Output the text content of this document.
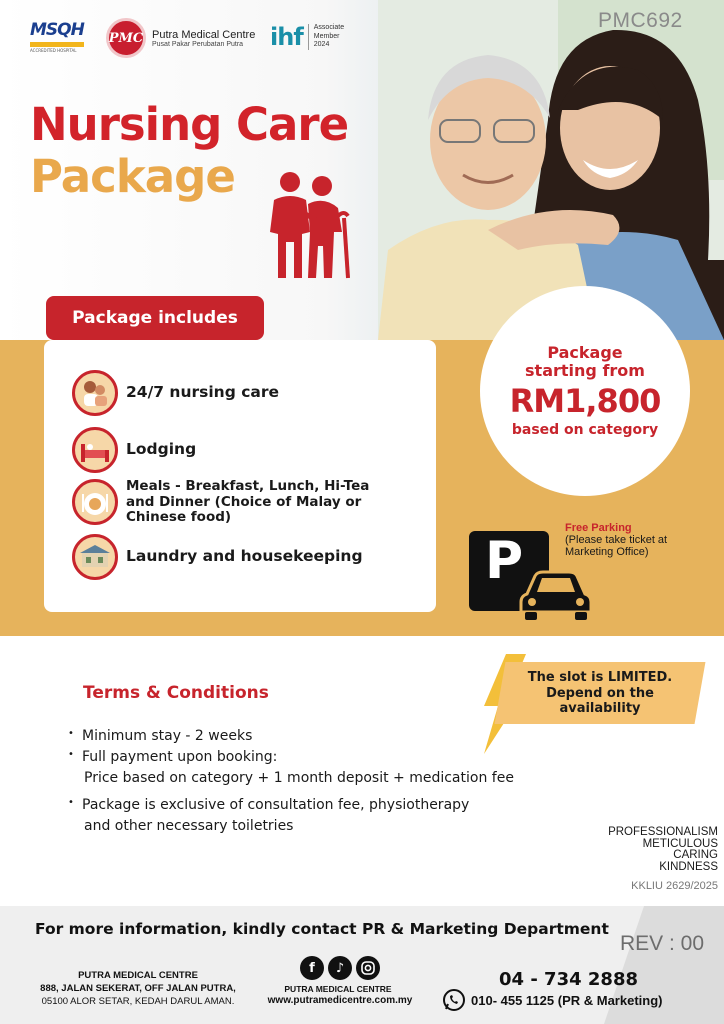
MSQH
ACCREDITED HOSPITAL
PMC Putra Medical Centre
Pusat Pakar Perubatan Putra	ihf Associate
Member
2024
PMC692
Nursing Care
Package
24/7 nursing care
Lodging
Meals - Breakfast, Lunch, Hi-Tea and Dinner (Choice of Malay or Chinese food)
Laundry and housekeeping
Package includes
Package
starting from
RM1,800
based on category
P
Free Parking
(Please take ticket at Marketing Office)
Terms & Conditions
• Minimum stay - 2 weeks
• Full payment upon booking:
Price based on category + 1 month deposit + medication fee
• Package is exclusive of consultation fee, physiotherapy
and other necessary toiletries
The slot is LIMITED.
Depend on the
availability
PROFESSIONALISM
METICULOUS
CARING
KINDNESS
KKLIU 2629/2025
For more information, kindly contact PR & Marketing Department
REV : 00
PUTRA MEDICAL CENTRE
888, JALAN SEKERAT, OFF JALAN PUTRA,
05100 ALOR SETAR, KEDAH DARUL AMAN.
f	♪
PUTRA MEDICAL CENTRE
www.putramedicentre.com.my
04 - 734 2888
010- 455 1125 (PR & Marketing)
